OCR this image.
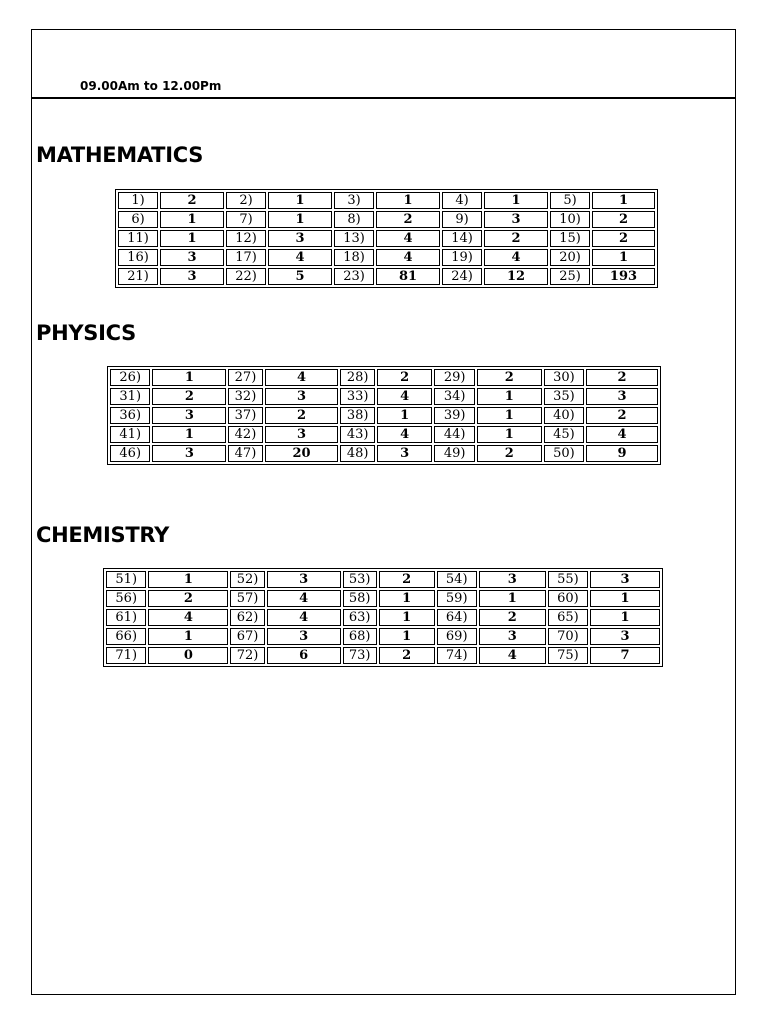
09.00Am to 12.00Pm
MATHEMATICS
1)	2	2)	1	3)	1	4)	1	5)	1
6)	1	7)	1	8)	2	9)	3	10)	2
11)	1	12)	3	13)	4	14)	2	15)	2
16)	3	17)	4	18)	4	19)	4	20)	1
21)	3	22)	5	23)	81	24)	12	25)	193
PHYSICS
26)	1	27)	4	28)	2	29)	2	30)	2
31)	2	32)	3	33)	4	34)	1	35)	3
36)	3	37)	2	38)	1	39)	1	40)	2
41)	1	42)	3	43)	4	44)	1	45)	4
46)	3	47)	20	48)	3	49)	2	50)	9
CHEMISTRY
51)	1	52)	3	53)	2	54)	3	55)	3
56)	2	57)	4	58)	1	59)	1	60)	1
61)	4	62)	4	63)	1	64)	2	65)	1
66)	1	67)	3	68)	1	69)	3	70)	3
71)	0	72)	6	73)	2	74)	4	75)	7
